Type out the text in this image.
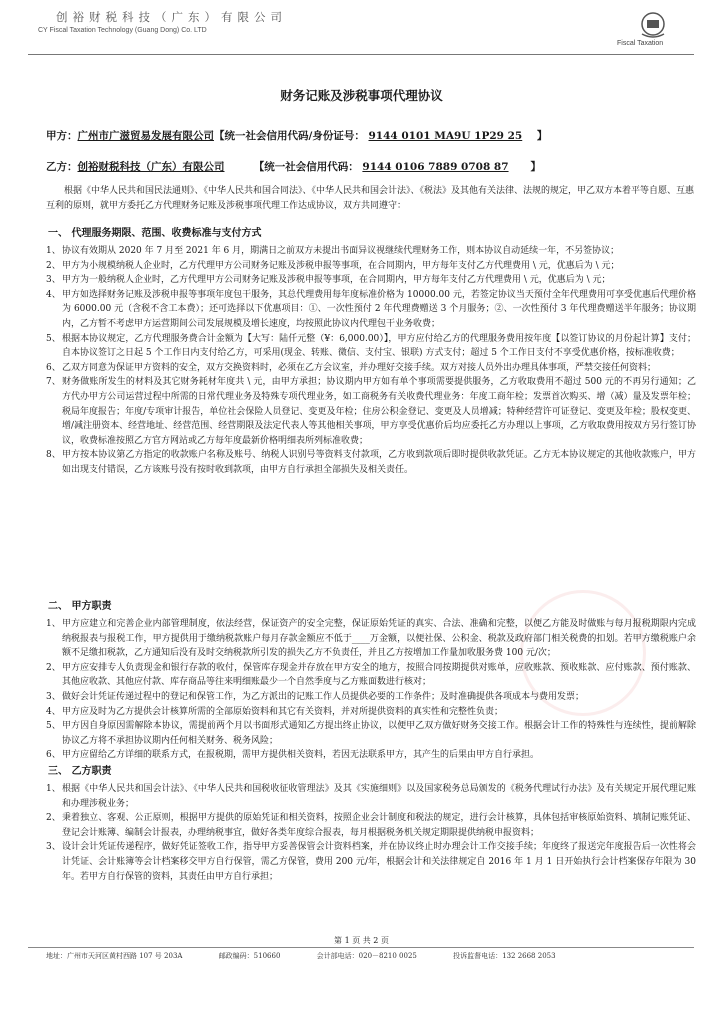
创裕财税科技（广东）有限公司
CY Fiscal Taxation Technology (Guang Dong) Co. LTD
Fiscal Taxation
财务记账及涉税事项代理协议
甲方：广州市广滋贸易发展有限公司【统一社会信用代码/身份证号： 9144 0101 MA9U 1P29 25 】
乙方：创裕财税科技（广东）有限公司	【统一社会信用代码： 9144 0106 7889 0708 87 】
根据《中华人民共和国民法通则》、《中华人民共和国合同法》、《中华人民共和国会计法》、《税法》及其他有关法律、法规的规定，甲乙双方本着平等自愿、互惠互利的原则，就甲方委托乙方代理财务记账及涉税事项代理工作达成协议，双方共同遵守：
一、 代理服务期限、范围、收费标准与支付方式
1、 协议有效期从 2020 年 7 月至 2021 年 6 月，期满日之前双方未提出书面异议视继续代理财务工作，则本协议自动延续一年，不另签协议；
2、 甲方为小规模纳税人企业时，乙方代理甲方公司财务记账及涉税申报等事项，在合同期内，甲方每年支付乙方代理费用 \ 元，优惠后为 \ 元；
3、 甲方为一般纳税人企业时，乙方代理甲方公司财务记账及涉税申报等事项，在合同期内，甲方每年支付乙方代理费用 \ 元，优惠后为 \ 元；
4、 甲方如选择财务记账及涉税申报等事项年度包干服务，其总代理费用每年度标准价格为 10000.00 元，若签定协议当天预付全年代理费用可享受优惠后代理价格为 6000.00 元（含税不含工本费）；还可选择以下优惠项目：①、一次性预付 2 年代理费赠送 3 个月服务；②、一次性预付 3 年代理费赠送半年服务；协议期内，乙方暂不考虑甲方运营期间公司发展规模及增长速度，均按照此协议内代理包干业务收费；
5、 根据本协议规定，乙方代理服务费合计金额为【大写：陆仟元整（¥：6,000.00）】，甲方应付给乙方的代理服务费用按年度【以签订协议的月份起计算】支付；自本协议签订之日起 5 个工作日内支付给乙方，可采用(现金、转账、微信、支付宝、银联) 方式支付；超过 5 个工作日支付不享受优惠价格，按标准收费；
6、 乙双方同意为保证甲方资料的安全，双方交换资料时，必须在乙方会议室，并办理好交接手续。双方对接人员外出办理具体事项，严禁交接任何资料；
7、 财务做账所发生的材料及其它财务耗材年度共 \ 元，由甲方承担；协议期内甲方如有单个事项需要提供服务，乙方收取费用不超过 500 元的不再另行通知；乙方代办甲方公司运营过程中所需的日常代理业务及特殊专项代理业务，如工商税务有关收费代理业务：年度工商年检；发票首次购买、增（减）量及发票年检；税局年度报告；年度/专项审计报告，单位社会保险人员登记、变更及年检；住房公积金登记、变更及人员增减；特种经营许可证登记、变更及年检；股权变更、增/减注册资本、经营地址、经营范围、经营期限及法定代表人等其他相关事项，甲方享受优惠价后均应委托乙方办理以上事项，乙方收取费用按双方另行签订协议，收费标准按照乙方官方网站或乙方每年度最新价格明细表所列标准收费；
8、 甲方按本协议第乙方指定的收款账户名称及账号、纳税人识别号等资料支付款项，乙方收到款项后即时提供收款凭证。乙方无本协议规定的其他收款账户，甲方如出现支付错误，乙方该账号没有按时收到款项，由甲方自行承担全部损失及相关责任。
二、 甲方职责
1、 甲方应建立和完善企业内部管理制度，依法经营，保证资产的安全完整，保证原始凭证的真实、合法、准确和完整，以便乙方能及时做账与每月报税期限内完成纳税报表与报税工作，甲方提供用于缴纳税款账户每月存款金额应不低于____万金额，以便社保、公积金、税款及政府部门相关税费的扣划。若甲方缴税账户余额不足缴扣税款，乙方通知后没有及时交纳税款所引发的损失乙方不负责任，并且乙方按增加工作量加收服务费 100 元/次；
2、 甲方应安排专人负责现金和银行存款的收付，保管库存现金并存放在甲方安全的地方，按照合同按期提供对账单，应收账款、预收账款、应付账款、预付账款、其他应收款、其他应付款、库存商品等往来明细账最少一个自然季度与乙方账面数进行核对；
3、 做好会计凭证传递过程中的登记和保管工作，为乙方派出的记账工作人员提供必要的工作条件；及时准确提供各项成本与费用发票；
4、 甲方应及时为乙方提供会计核算所需的全部原始资料和其它有关资料，并对所提供资料的真实性和完整性负责；
5、 甲方因自身原因需解除本协议，需提前两个月以书面形式通知乙方提出终止协议，以便甲乙双方做好财务交接工作。根据会计工作的特殊性与连续性，提前解除协议乙方将不承担协议期内任何相关财务、税务风险；
6、 甲方应留给乙方详细的联系方式，在报税期，需甲方提供相关资料，若因无法联系甲方，其产生的后果由甲方自行承担。
三、 乙方职责
1、 根据《中华人民共和国会计法》、《中华人民共和国税收征收管理法》及其《实施细则》以及国家税务总局颁发的《税务代理试行办法》及有关规定开展代理记账和办理涉税业务；
2、 秉着独立、客观、公正原则，根据甲方提供的原始凭证和相关资料，按照企业会计制度和税法的规定，进行会计核算，具体包括审核原始资料、填制记账凭证、登记会计账簿、编制会计报表，办理纳税事宜，做好各类年度综合报表，每月根据税务机关规定期限提供纳税申报资料；
3、 设计会计凭证传递程序，做好凭证签收工作，指导甲方妥善保管会计资料档案，并在协议终止时办理会计工作交接手续；年度终了报送完年度报告后一次性将会计凭证、会计账簿等会计档案移交甲方自行保管，需乙方保管，费用 200 元/年，根据会计和关法律规定自 2016 年 1 月 1 日开始执行会计档案保存年限为 30 年。若甲方自行保管的资料，其责任由甲方自行承担；
第 1 页 共 2 页
地址：广州市天河区黄村西路 107 号 203A	邮政编码：510660	会计部电话：020－8210 0025	投诉监督电话：132 2668 2053
